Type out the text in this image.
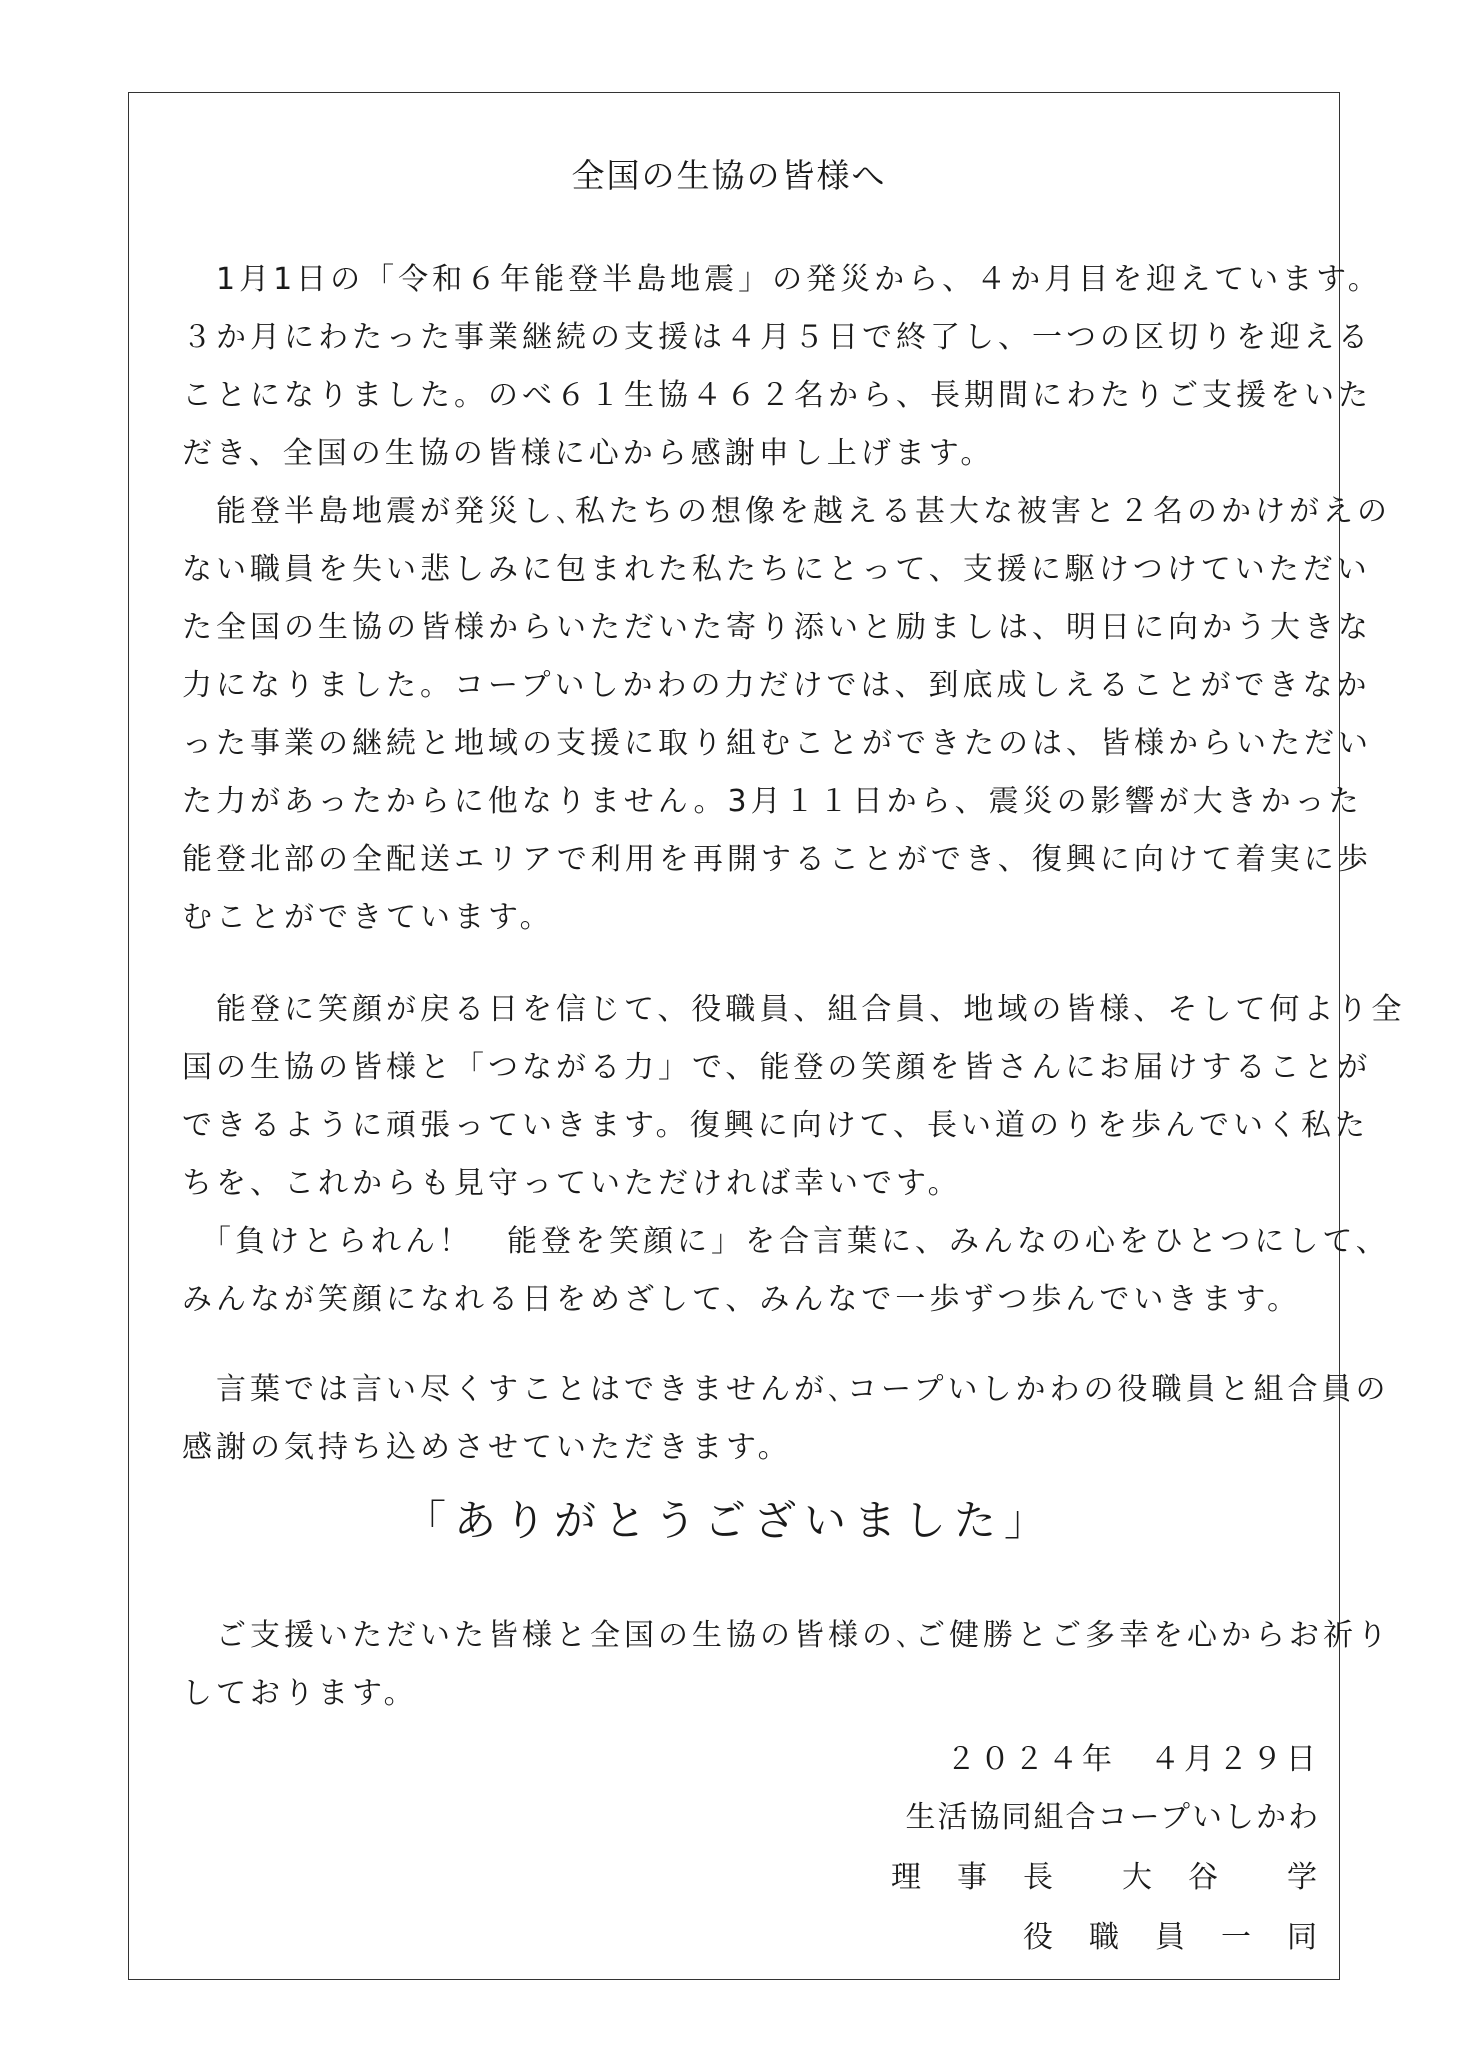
全国の生協の皆様へ
　1月1日の「令和６年能登半島地震」の発災から、４か月目を迎えています。
３か月にわたった事業継続の支援は４月５日で終了し、一つの区切りを迎える
ことになりました。のべ６１生協４６２名から、長期間にわたりご支援をいた
だき、全国の生協の皆様に心から感謝申し上げます。
　能登半島地震が発災し､私たちの想像を越える甚大な被害と２名のかけがえの
ない職員を失い悲しみに包まれた私たちにとって、支援に駆けつけていただい
た全国の生協の皆様からいただいた寄り添いと励ましは、明日に向かう大きな
力になりました。コープいしかわの力だけでは、到底成しえることができなか
った事業の継続と地域の支援に取り組むことができたのは、皆様からいただい
た力があったからに他なりません。3月１１日から、震災の影響が大きかった
能登北部の全配送エリアで利用を再開することができ、復興に向けて着実に歩
むことができています。
　能登に笑顔が戻る日を信じて、役職員、組合員、地域の皆様、そして何より全
国の生協の皆様と「つながる力」で、能登の笑顔を皆さんにお届けすることが
できるように頑張っていきます。復興に向けて、長い道のりを歩んでいく私た
ちを、これからも見守っていただければ幸いです。
　「負けとられん！　能登を笑顔に」を合言葉に、みんなの心をひとつにして、
みんなが笑顔になれる日をめざして、みんなで一歩ずつ歩んでいきます。
　言葉では言い尽くすことはできませんが､コープいしかわの役職員と組合員の
感謝の気持ち込めさせていただきます。
「ありがとうございました」
　ご支援いただいた皆様と全国の生協の皆様の､ご健勝とご多幸を心からお祈り
しております。
２０２４年　４月２９日
生活協同組合コープいしかわ
理　事　長　　大　谷　　学
役　職　員　一　同
